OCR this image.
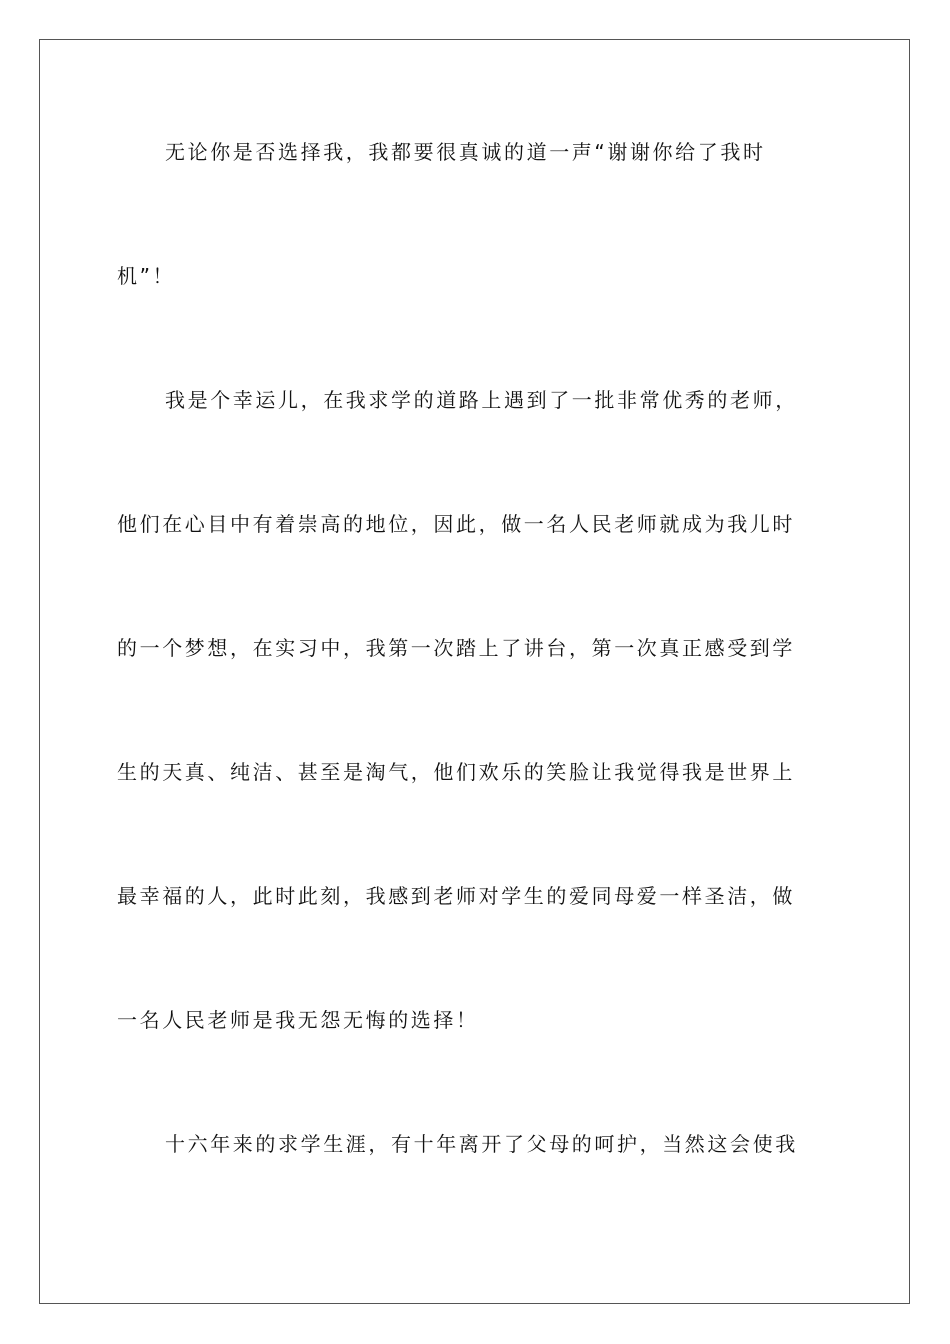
无论你是否选择我，我都要很真诚的道一声“谢谢你给了我时
机”！
我是个幸运儿，在我求学的道路上遇到了一批非常优秀的老师，
他们在心目中有着崇高的地位，因此，做一名人民老师就成为我儿时
的一个梦想，在实习中，我第一次踏上了讲台，第一次真正感受到学
生的天真、纯洁、甚至是淘气，他们欢乐的笑脸让我觉得我是世界上
最幸福的人，此时此刻，我感到老师对学生的爱同母爱一样圣洁，做
一名人民老师是我无怨无悔的选择！
十六年来的求学生涯，有十年离开了父母的呵护，当然这会使我
